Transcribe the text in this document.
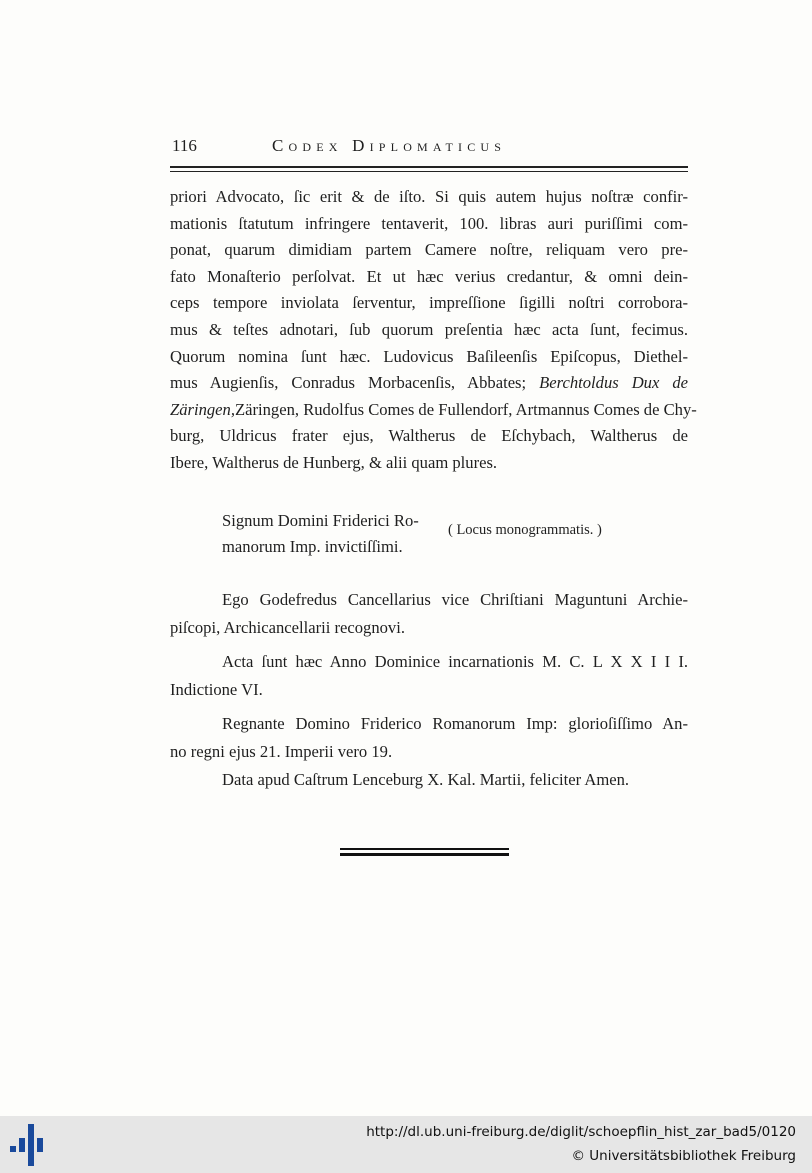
116	Codex Diplomaticus
priori Advocato, ſic erit & de iſto. Si quis autem hujus noſtræ confir-
mationis ſtatutum infringere tentaverit, 100. libras auri puriſſimi com-
ponat, quarum dimidiam partem Camere noſtre, reliquam vero pre-
fato Monaſterio perſolvat. Et ut hæc verius credantur, & omni dein-
ceps tempore inviolata ſerventur, impreſſione ſigilli noſtri corrobora-
mus & teſtes adnotari, ſub quorum preſentia hæc acta ſunt, fecimus.
Quorum nomina ſunt hæc. Ludovicus Baſileenſis Epiſcopus, Diethel-
mus Augienſis, Conradus Morbacenſis, Abbates; Berchtoldus Dux de
Zäringen,Zäringen, Rudolfus Comes de Fullendorf, Artmannus Comes de Chy-
burg, Uldricus frater ejus, Waltherus de Eſchybach, Waltherus de
Ibere, Waltherus de Hunberg, & alii quam plures.
Signum Domini Friderici Ro-
manorum Imp. invictiſſimi.
( Locus monogrammatis. )
Ego Godefredus Cancellarius vice Chriſtiani Maguntuni Archie-
piſcopi, Archicancellarii recognovi.
Acta ſunt hæc Anno Dominice incarnationis M. C. L X X I I I.
Indictione VI.
Regnante Domino Friderico Romanorum Imp: glorioſiſſimo An-
no regni ejus 21. Imperii vero 19.
Data apud Caſtrum Lenceburg X. Kal. Martii, feliciter Amen.
http://dl.ub.uni-freiburg.de/diglit/schoepflin_hist_zar_bad5/0120
© Universitätsbibliothek Freiburg
